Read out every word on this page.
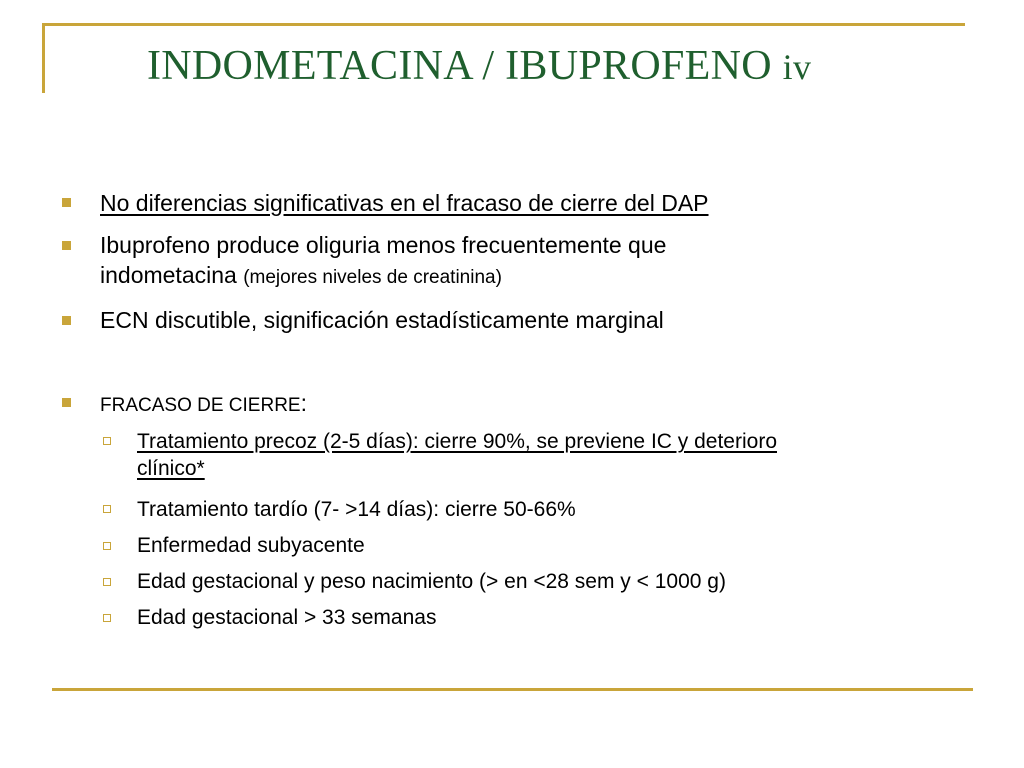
INDOMETACINA / IBUPROFENO iv
No diferencias significativas en el fracaso de cierre del DAP
Ibuprofeno produce oliguria menos frecuentemente que
indometacina (mejores niveles de creatinina)
ECN discutible, significación estadísticamente marginal
FRACASO DE CIERRE:
Tratamiento precoz (2-5 días): cierre 90%, se previene IC y deterioro
clínico*
Tratamiento tardío (7- >14 días): cierre 50-66%
Enfermedad subyacente
Edad gestacional y peso nacimiento (> en <28 sem y < 1000 g)
Edad gestacional > 33 semanas
